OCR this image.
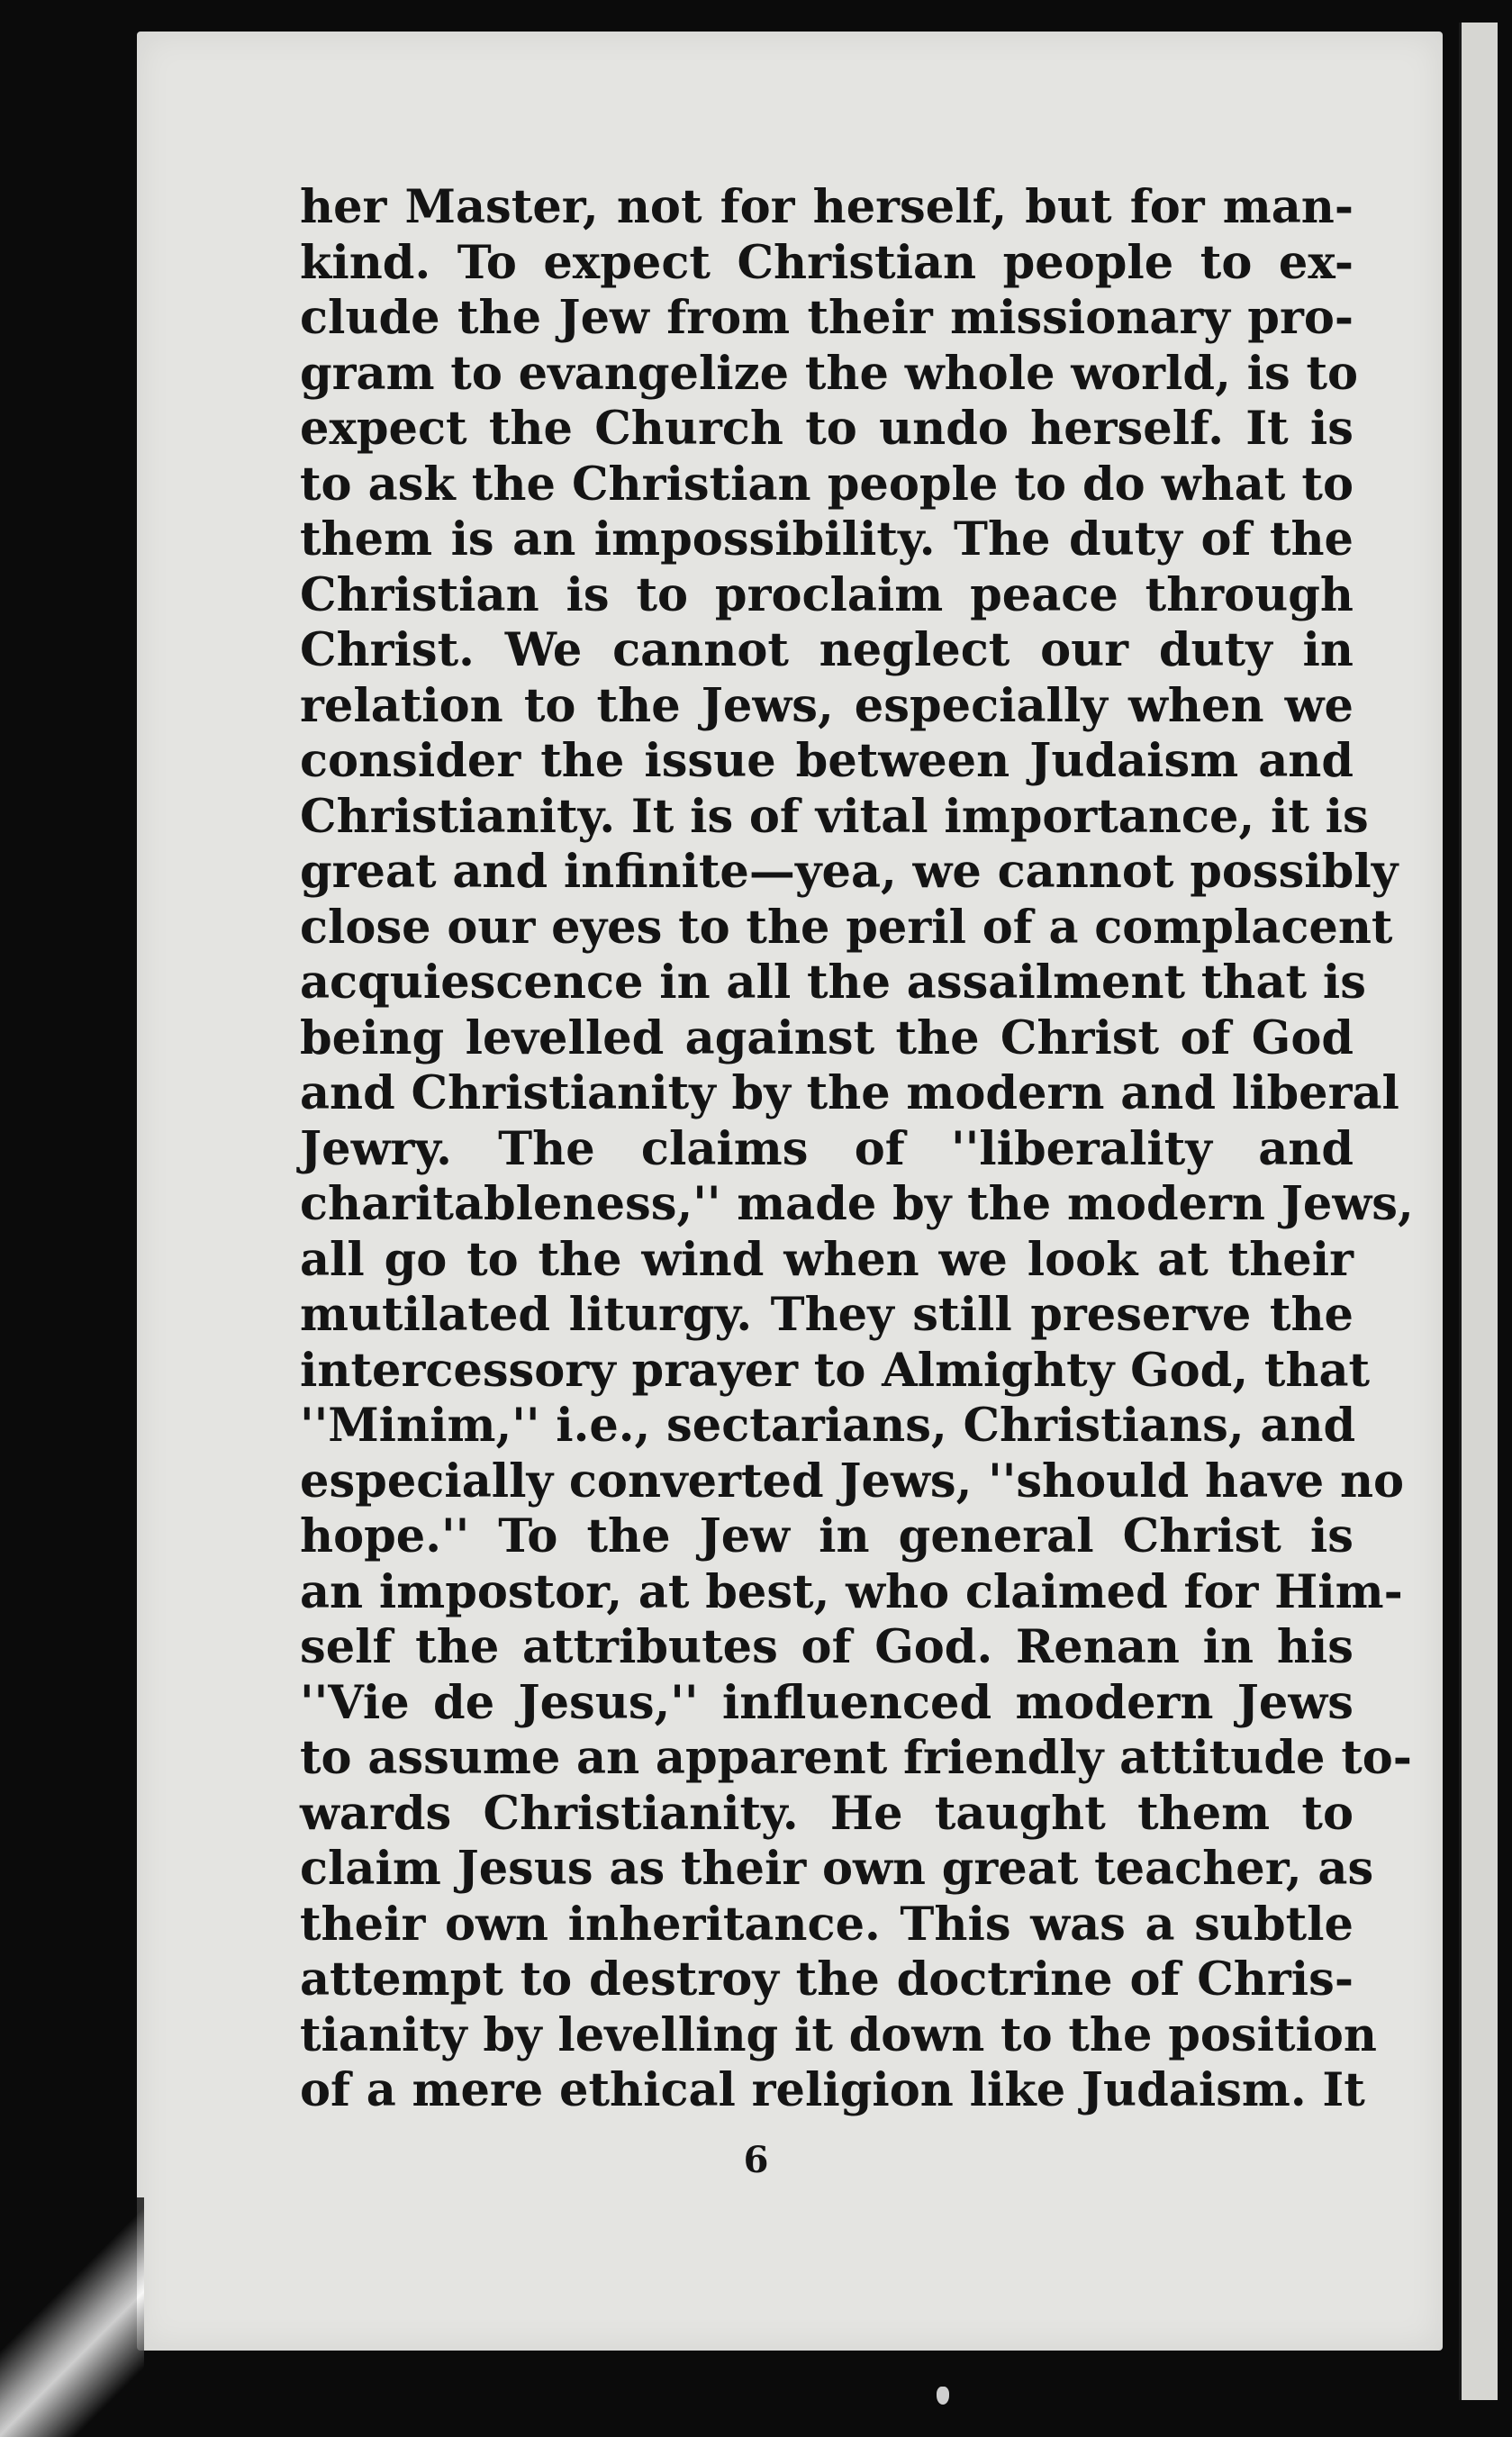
her Master, not for herself, but for man-
kind. To expect Christian people to ex-
clude the Jew from their missionary pro-
gram to evangelize the whole world, is to
expect the Church to undo herself. It is
to ask the Christian people to do what to
them is an impossibility. The duty of the
Christian is to proclaim peace through
Christ. We cannot neglect our duty in
relation to the Jews, especially when we
consider the issue between Judaism and
Christianity. It is of vital importance, it is
great and infinite—yea, we cannot possibly
close our eyes to the peril of a complacent
acquiescence in all the assailment that is
being levelled against the Christ of God
and Christianity by the modern and liberal
Jewry. The claims of ''liberality and
charitableness,'' made by the modern Jews,
all go to the wind when we look at their
mutilated liturgy. They still preserve the
intercessory prayer to Almighty God, that
''Minim,'' i.e., sectarians, Christians, and
especially converted Jews, ''should have no
hope.'' To the Jew in general Christ is
an impostor, at best, who claimed for Him-
self the attributes of God. Renan in his
''Vie de Jesus,'' influenced modern Jews
to assume an apparent friendly attitude to-
wards Christianity. He taught them to
claim Jesus as their own great teacher, as
their own inheritance. This was a subtle
attempt to destroy the doctrine of Chris-
tianity by levelling it down to the position
of a mere ethical religion like Judaism. It
6
